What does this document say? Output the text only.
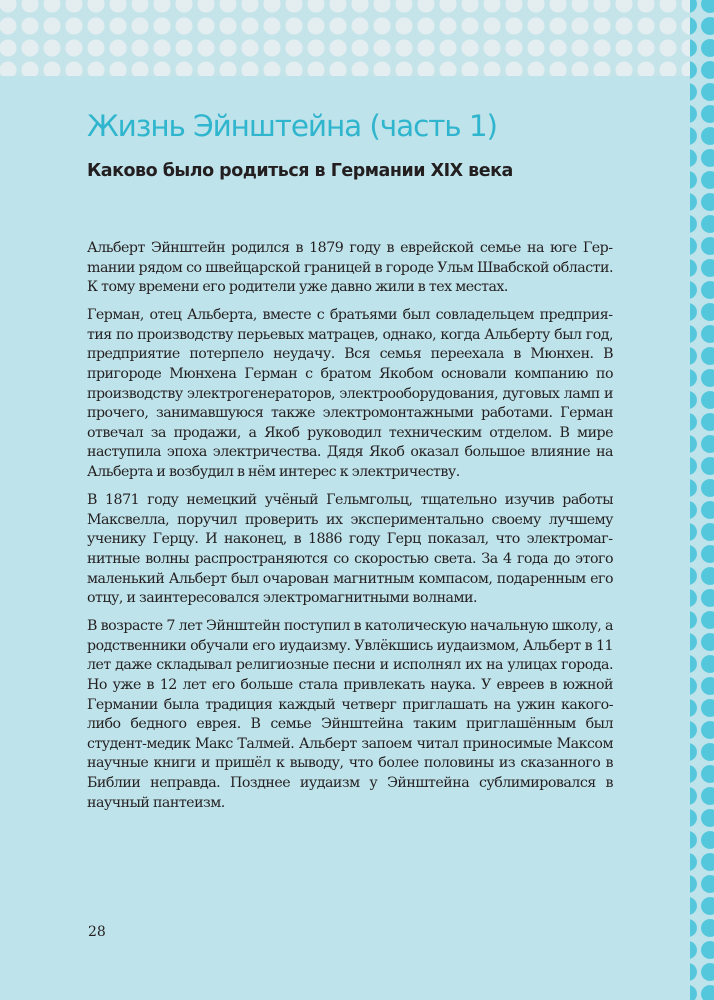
Жизнь Эйнштейна (часть 1)
Каково было родиться в Германии XIX века

Альберт Эйнштейн родился в 1879 году в еврейской семье на юге Герmании рядом со швейцарской границей в городе Ульм Швабской области. К тому времени его родители уже давно жили в тех местах.

Герман, отец Альберта, вместе с братьями был совладельцем предприятия по производству перьевых матрацев, однако, когда Альберту был год, предприятие потерпело неудачу. Вся семья переехала в Мюнхен. В пригороде Мюнхена Герман с братом Якобом основали компанию по производству электрогенераторов, электрооборудования, дуговых ламп и прочего, занимавшуюся также электромонтажными работами. Герман отвечал за продажи, а Якоб руководил техническим отделом. В мире наступила эпоха электричества. Дядя Якоб оказал большое влияние на Альберта и возбудил в нём интерес к электричеству.

В 1871 году немецкий учёный Гельмгольц, тщательно изучив работы Максвелла, поручил проверить их экспериментально своему лучшему ученику Герцу. И наконец, в 1886 году Герц показал, что электромагнитные волны распространяются со скоростью света. За 4 года до этого маленький Альберт был очарован магнитным компасом, подаренным его отцу, и заинтересовался электромагнитными волнами.

В возрасте 7 лет Эйнштейн поступил в католическую начальную школу, а родственники обучали его иудаизму. Увлёкшись иудаизмом, Альберт в 11 лет даже складывал религиозные песни и исполнял их на улицах города. Но уже в 12 лет его больше стала привлекать наука. У евреев в южной Германии была традиция каждый четверг приглашать на ужин какого-либо бедного еврея. В семье Эйнштейна таким приглашённым был студент-медик Макс Талмей. Альберт запоем читал приносимые Максом научные книги и пришёл к выводу, что более половины из сказанного в Библии неправда. Позднее иудаизм у Эйнштейна сублимировался в научный пантеизм.

28
